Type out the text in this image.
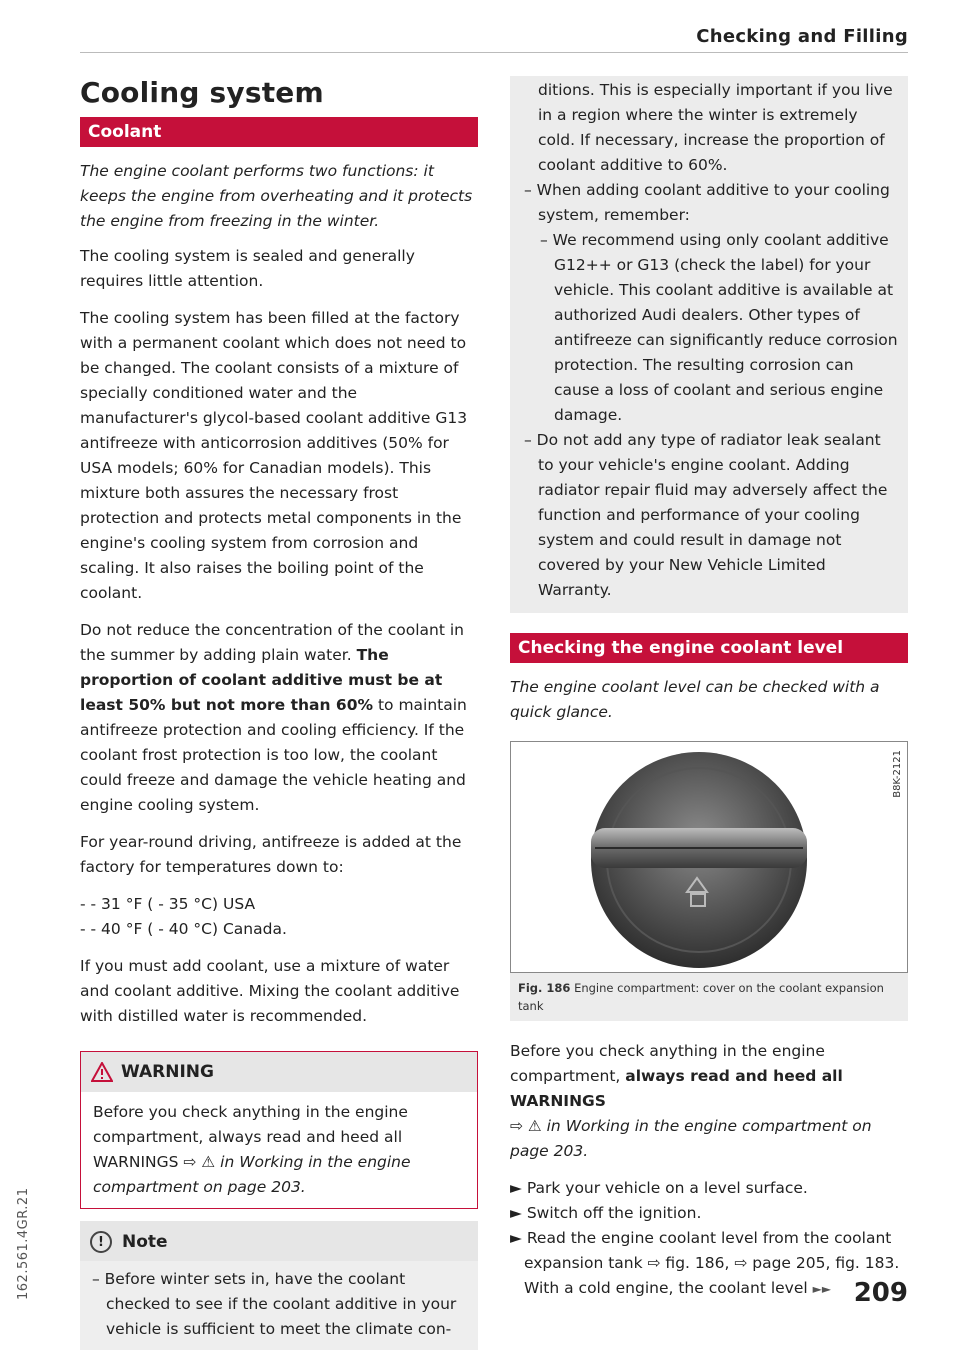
Checking and Filling
162.561.4GR.21
Cooling system
Coolant

The engine coolant performs two functions: it keeps the engine from overheating and it protects the engine from freezing in the winter.

The cooling system is sealed and generally requires little attention.

The cooling system has been filled at the factory with a permanent coolant which does not need to be changed. The coolant consists of a mixture of specially conditioned water and the manufacturer's glycol-based coolant additive G13 antifreeze with anticorrosion additives (50% for USA models; 60% for Canadian models). This mixture both assures the necessary frost protection and protects metal components in the engine's cooling system from corrosion and scaling. It also raises the boiling point of the coolant.

Do not reduce the concentration of the coolant in the summer by adding plain water. The proportion of coolant additive must be at least 50% but not more than 60% to maintain antifreeze protection and cooling efficiency. If the coolant frost protection is too low, the coolant could freeze and damage the vehicle heating and engine cooling system.

For year-round driving, antifreeze is added at the factory for temperatures down to:

- - 31 °F ( - 35 °C) USA
- - 40 °F ( - 40 °C) Canada.

If you must add coolant, use a mixture of water and coolant additive. Mixing the coolant additive with distilled water is recommended.

WARNING
Before you check anything in the engine compartment, always read and heed all WARNINGS ⇨ ⚠ in Working in the engine compartment on page 203.
!	Note
– Before winter sets in, have the coolant checked to see if the coolant additive in your vehicle is sufficient to meet the climate con-
ditions. This is especially important if you live in a region where the winter is extremely cold. If necessary, increase the proportion of coolant additive to 60%.
– When adding coolant additive to your cooling system, remember:
– We recommend using only coolant additive G12++ or G13 (check the label) for your vehicle. This coolant additive is available at authorized Audi dealers. Other types of antifreeze can significantly reduce corrosion protection. The resulting corrosion can cause a loss of coolant and serious engine damage.
– Do not add any type of radiator leak sealant to your vehicle's engine coolant. Adding radiator repair fluid may adversely affect the function and performance of your cooling system and could result in damage not covered by your New Vehicle Limited Warranty.
Checking the engine coolant level

The engine coolant level can be checked with a quick glance.

B8K-2121
Fig. 186 Engine compartment: cover on the coolant expansion tank

Before you check anything in the engine compartment, always read and heed all WARNINGS
⇨ ⚠ in Working in the engine compartment on page 203.

► Park your vehicle on a level surface.
► Switch off the ignition.
► Read the engine coolant level from the coolant expansion tank ⇨ fig. 186, ⇨ page 205, fig. 183. With a cold engine, the coolant level ►► 209
